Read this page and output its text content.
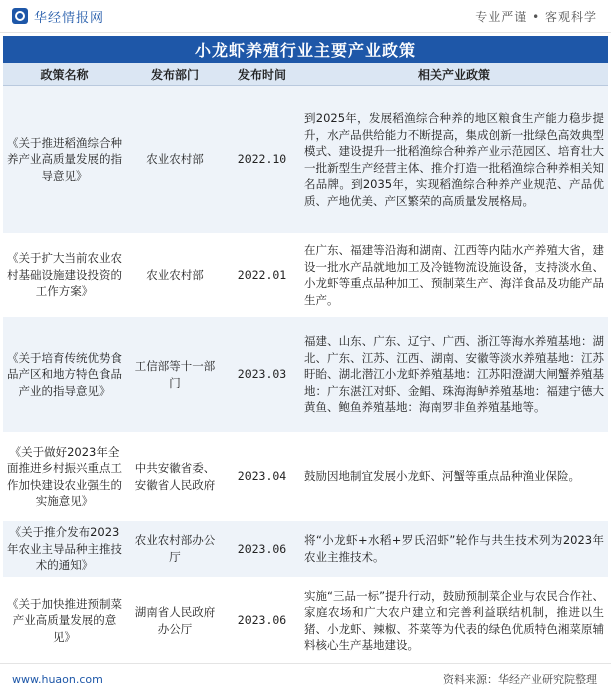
华经情报网	专业严谨 • 客观科学
小龙虾养殖行业主要产业政策
政策名称	发布部门	发布时间	相关产业政策
《关于推进稻渔综合种养产业高质量发展的指导意见》	农业农村部	2022.10	到2025年，发展稻渔综合种养的地区粮食生产能力稳步提升，水产品供给能力不断提高，集成创新一批绿色高效典型模式、建设提升一批稻渔综合种养产业示范园区、培育壮大一批新型生产经营主体、推介打造一批稻渔综合种养相关知名品牌。到2035年，实现稻渔综合种养产业规范、产品优质、产地优美、产区繁荣的高质量发展格局。
《关于扩大当前农业农村基础设施建设投资的工作方案》	农业农村部	2022.01	在广东、福建等沿海和湖南、江西等内陆水产养殖大省，建设一批水产品就地加工及冷链物流设施设备，支持淡水鱼、小龙虾等重点品种加工、预制菜生产、海洋食品及功能产品生产。
《关于培育传统优势食品产区和地方特色食品产业的指导意见》	工信部等十一部门	2023.03	福建、山东、广东、辽宁、广西、浙江等海水养殖基地：湖北、广东、江苏、江西、湖南、安徽等淡水养殖基地：江苏盱眙、湖北潜江小龙虾养殖基地：江苏阳澄湖大闸蟹养殖基地：广东湛江对虾、金鲳、珠海海鲈养殖基地：福建宁德大黄鱼、鲍鱼养殖基地：海南罗非鱼养殖基地等。
《关于做好2023年全面推进乡村振兴重点工作加快建设农业强生的实施意见》	中共安徽省委、安徽省人民政府	2023.04	鼓励因地制宜发展小龙虾、河蟹等重点品种渔业保险。
《关于推介发布2023年农业主导品种主推技术的通知》	农业农村部办公厅	2023.06	将“小龙虾+水稻+罗氏沼虾”轮作与共生技术列为2023年农业主推技术。
《关于加快推进预制菜产业高质量发展的意见》	湖南省人民政府办公厅	2023.06	实施“三品一标”提升行动，鼓励预制菜企业与农民合作社、家庭农场和广大农户建立和完善利益联结机制，推进以生猪、小龙虾、辣椒、芥菜等为代表的绿色优质特色湘菜原辅料核心生产基地建设。
www.huaon.com	资料来源：华经产业研究院整理
